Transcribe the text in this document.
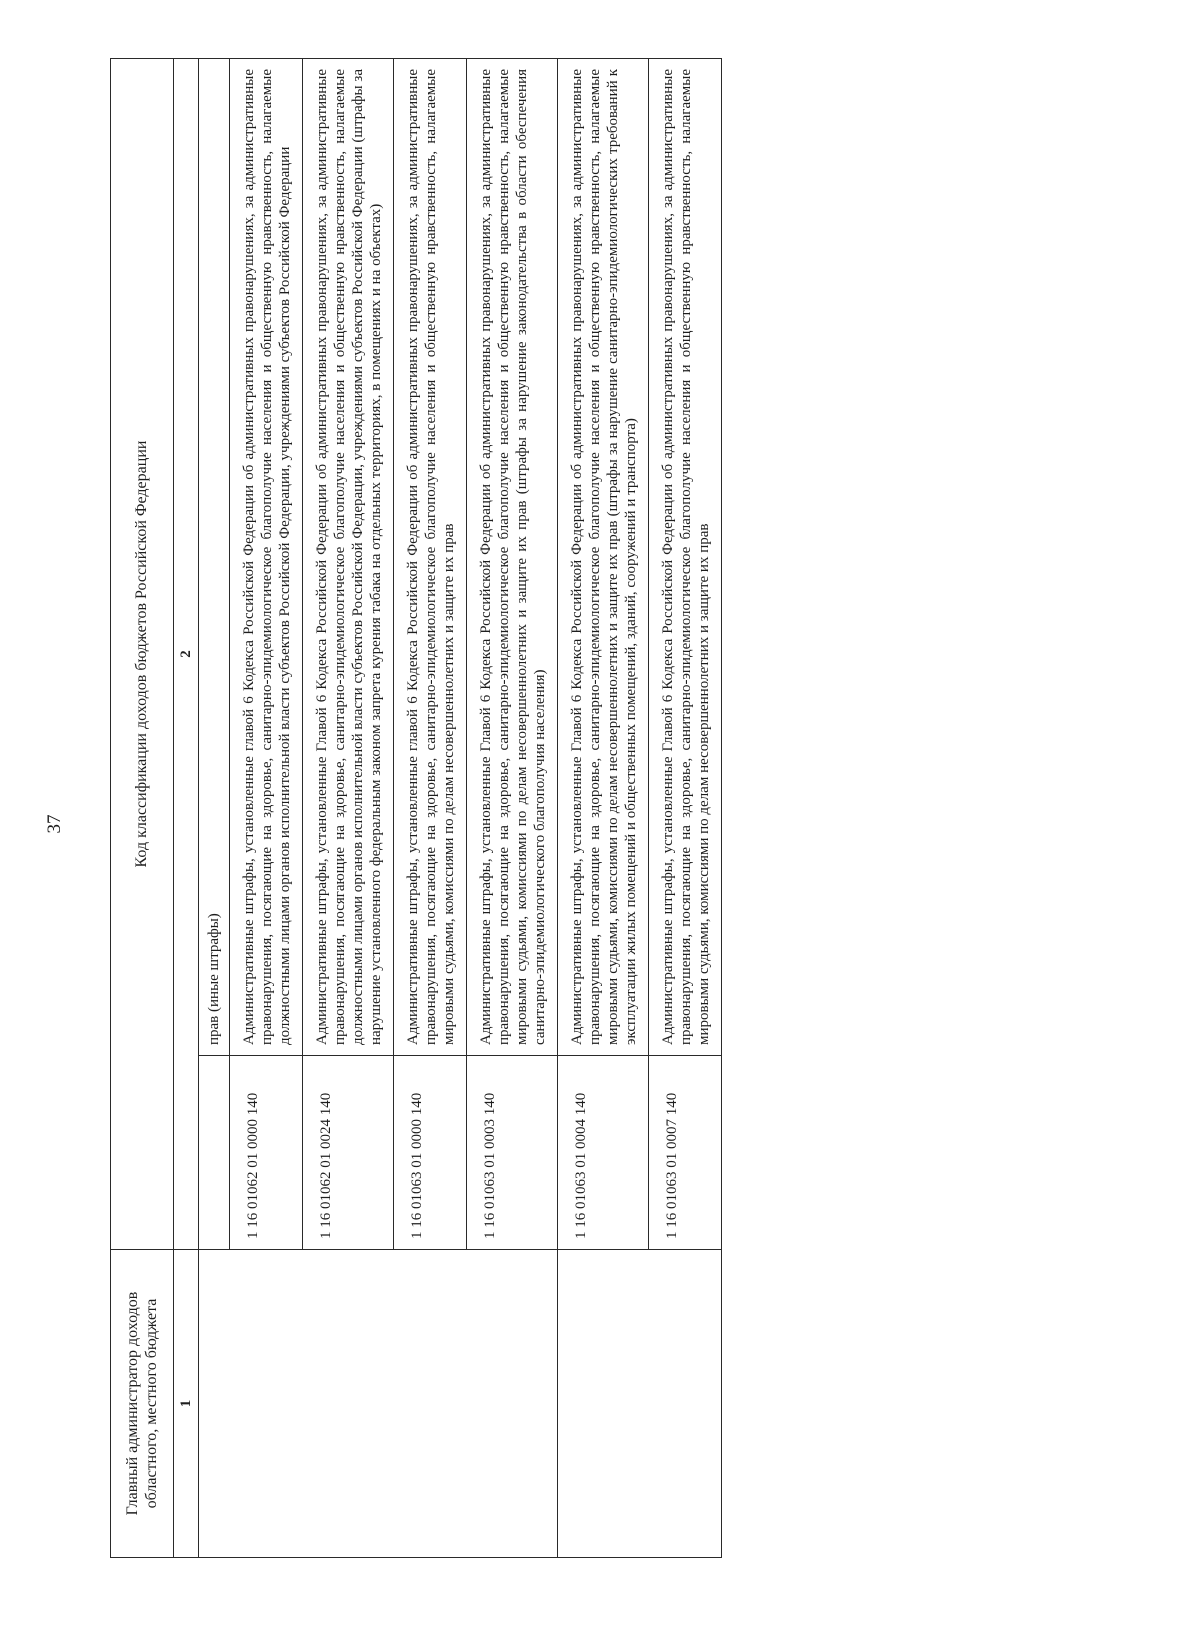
37
Главный администратор доходов областного, местного бюджета	Код классификации доходов бюджетов Российской Федерации	
1	2	

		прав (иные штрафы)

	1 16 01062 01 0000 140	Административные штрафы, установленные главой 6 Кодекса Российской Федерации об административных правонарушениях, за административные правонарушения, посягающие на здоровье, санитарно-эпидемиологическое благополучие населения и общественную нравственность, налагаемые должностными лицами органов исполнительной власти субъектов Российской Федерации, учреждениями субъектов Российской Федерации

	1 16 01062 01 0024 140	Административные штрафы, установленные Главой 6 Кодекса Российской Федерации об административных правонарушениях, за административные правонарушения, посягающие на здоровье, санитарно-эпидемиологическое благополучие населения и общественную нравственность, налагаемые должностными лицами органов исполнительной власти субъектов Российской Федерации, учреждениями субъектов Российской Федерации (штрафы за нарушение установленного федеральным законом запрета курения табака на отдельных территориях, в помещениях и на объектах)

	1 16 01063 01 0000 140	Административные штрафы, установленные главой 6 Кодекса Российской Федерации об административных правонарушениях, за административные правонарушения, посягающие на здоровье, санитарно-эпидемиологическое благополучие населения и общественную нравственность, налагаемые мировыми судьями, комиссиями по делам несовершеннолетних и защите их прав

	1 16 01063 01 0003 140	Административные штрафы, установленные Главой 6 Кодекса Российской Федерации об административных правонарушениях, за административные правонарушения, посягающие на здоровье, санитарно-эпидемиологическое благополучие населения и общественную нравственность, налагаемые мировыми судьями, комиссиями по делам несовершеннолетних и защите их прав (штрафы за нарушение законодательства в области обеспечения санитарно-эпидемиологического благополучия населения)

	1 16 01063 01 0004 140	Административные штрафы, установленные Главой 6 Кодекса Российской Федерации об административных правонарушениях, за административные правонарушения, посягающие на здоровье, санитарно-эпидемиологическое благополучие населения и общественную нравственность, налагаемые мировыми судьями, комиссиями по делам несовершеннолетних и защите их прав (штрафы за нарушение санитарно-эпидемиологических требований к эксплуатации жилых помещений и общественных помещений, зданий, сооружений и транспорта)

	1 16 01063 01 0007 140	Административные штрафы, установленные Главой 6 Кодекса Российской Федерации об административных правонарушениях, за административные правонарушения, посягающие на здоровье, санитарно-эпидемиологическое благополучие населения и общественную нравственность, налагаемые мировыми судьями, комиссиями по делам несовершеннолетних и защите их прав
